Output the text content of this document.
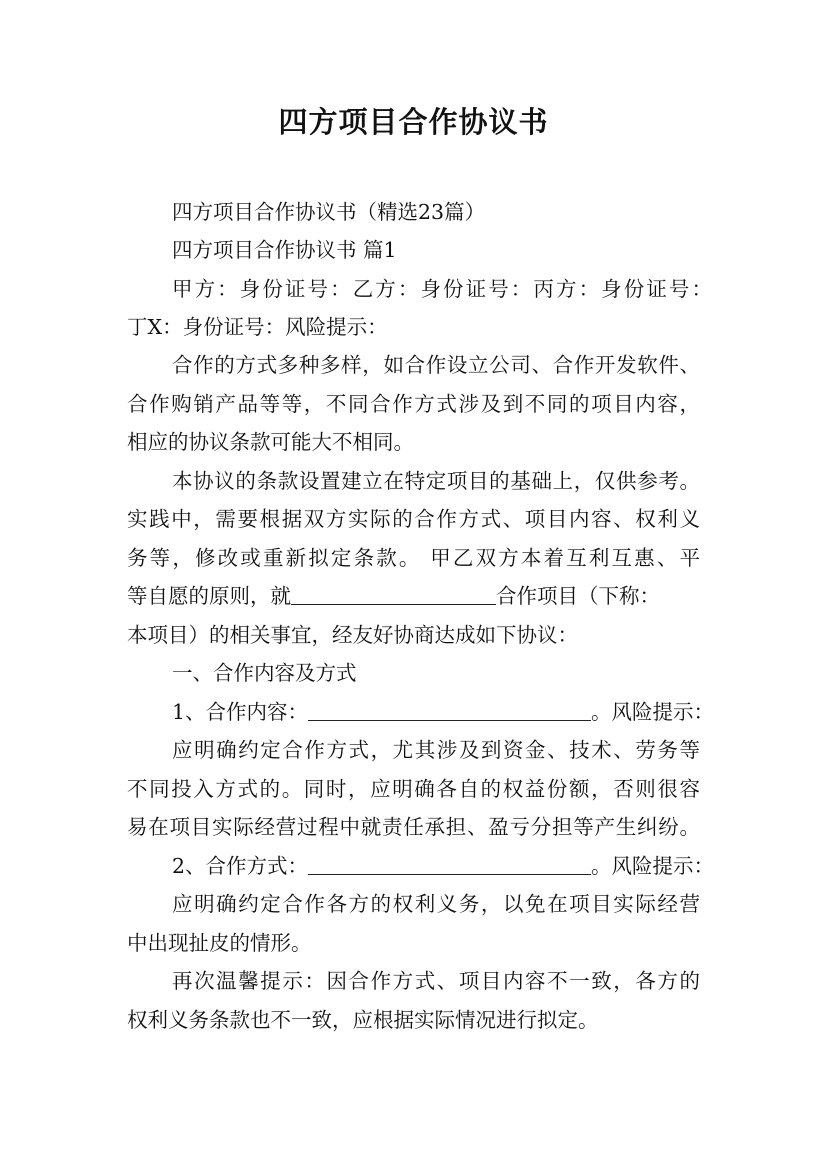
四方项目合作协议书
四方项目合作协议书（精选23篇）
四方项目合作协议书 篇1
甲方：身份证号：乙方：身份证号：丙方：身份证号：
丁X：身份证号：风险提示：
合作的方式多种多样，如合作设立公司、合作开发软件、
合作购销产品等等，不同合作方式涉及到不同的项目内容，
相应的协议条款可能大不相同。
本协议的条款设置建立在特定项目的基础上，仅供参考。
实践中，需要根据双方实际的合作方式、项目内容、权利义
务等，修改或重新拟定条款。 甲乙双方本着互利互惠、平
等自愿的原则，就	合作项目（下称：
本项目）的相关事宜，经友好协商达成如下协议：
一、合作内容及方式
1、合作内容：	。风险提示：
应明确约定合作方式，尤其涉及到资金、技术、劳务等
不同投入方式的。同时，应明确各自的权益份额，否则很容
易在项目实际经营过程中就责任承担、盈亏分担等产生纠纷。
2、合作方式：	。风险提示：
应明确约定合作各方的权利义务，以免在项目实际经营
中出现扯皮的情形。
再次温馨提示：因合作方式、项目内容不一致，各方的
权利义务条款也不一致，应根据实际情况进行拟定。
